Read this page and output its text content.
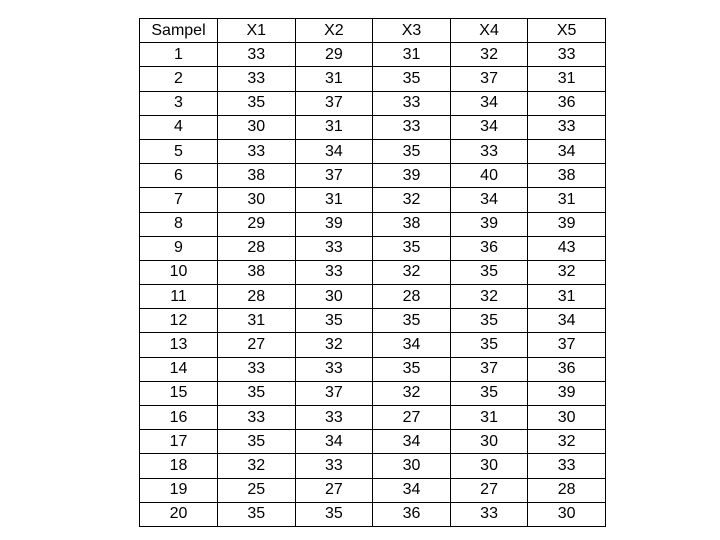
Sampel	X1	X2	X3	X4	X5
1	33	29	31	32	33
2	33	31	35	37	31
3	35	37	33	34	36
4	30	31	33	34	33
5	33	34	35	33	34
6	38	37	39	40	38
7	30	31	32	34	31
8	29	39	38	39	39
9	28	33	35	36	43
10	38	33	32	35	32
11	28	30	28	32	31
12	31	35	35	35	34
13	27	32	34	35	37
14	33	33	35	37	36
15	35	37	32	35	39
16	33	33	27	31	30
17	35	34	34	30	32
18	32	33	30	30	33
19	25	27	34	27	28
20	35	35	36	33	30
